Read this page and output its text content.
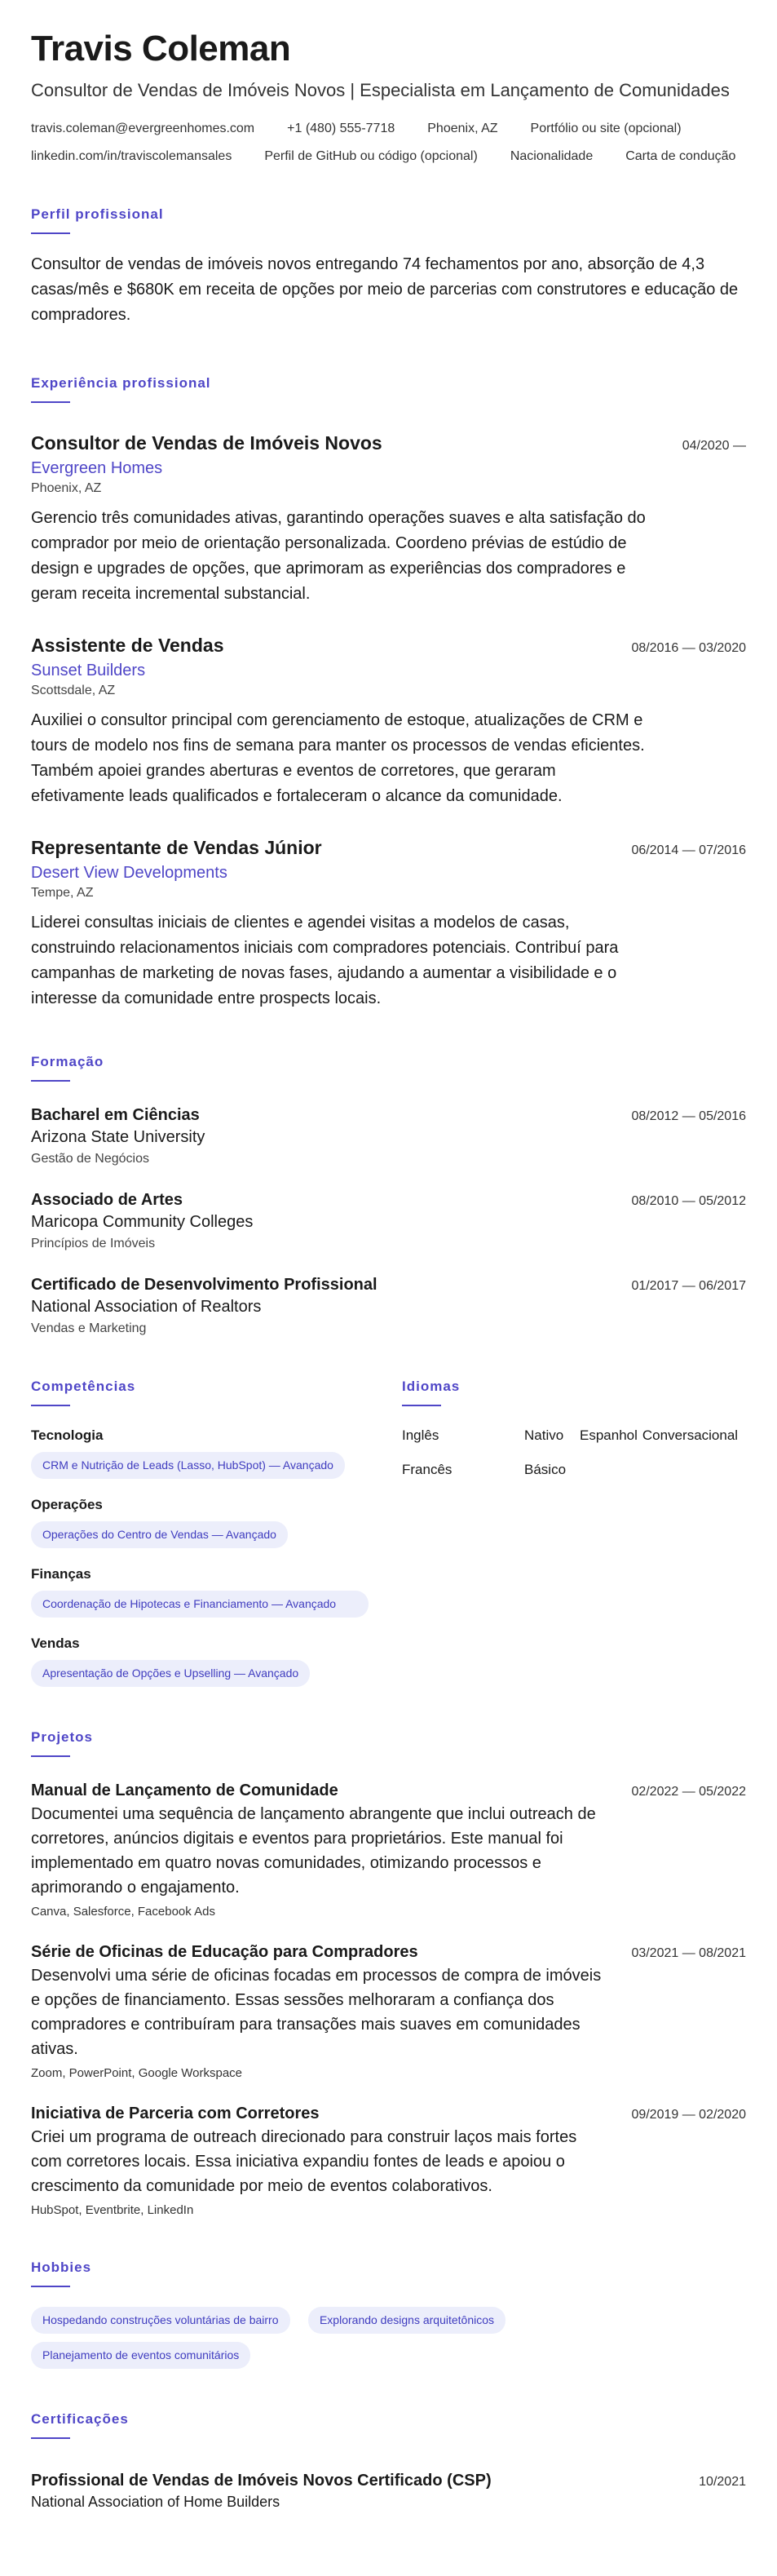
Travis Coleman
Consultor de Vendas de Imóveis Novos | Especialista em Lançamento de Comunidades
travis.coleman@evergreenhomes.com	+1 (480) 555-7718	Phoenix, AZ	Portfólio ou site (opcional)
linkedin.com/in/traviscolemansales	Perfil de GitHub ou código (opcional)	Nacionalidade	Carta de condução
Perfil profissional

Consultor de vendas de imóveis novos entregando 74 fechamentos por ano, absorção de 4,3 casas/mês e $680K em receita de opções por meio de parcerias com construtores e educação de compradores.

Experiência profissional
Consultor de Vendas de Imóveis Novos	04/2020 —
Evergreen Homes
Phoenix, AZ

Gerencio três comunidades ativas, garantindo operações suaves e alta satisfação do comprador por meio de orientação personalizada. Coordeno prévias de estúdio de design e upgrades de opções, que aprimoram as experiências dos compradores e geram receita incremental substancial.

Assistente de Vendas	08/2016 — 03/2020
Sunset Builders
Scottsdale, AZ

Auxiliei o consultor principal com gerenciamento de estoque, atualizações de CRM e tours de modelo nos fins de semana para manter os processos de vendas eficientes. Também apoiei grandes aberturas e eventos de corretores, que geraram efetivamente leads qualificados e fortaleceram o alcance da comunidade.

Representante de Vendas Júnior	06/2014 — 07/2016
Desert View Developments
Tempe, AZ

Liderei consultas iniciais de clientes e agendei visitas a modelos de casas, construindo relacionamentos iniciais com compradores potenciais. Contribuí para campanhas de marketing de novas fases, ajudando a aumentar a visibilidade e o interesse da comunidade entre prospects locais.

Formação
Bacharel em Ciências	08/2012 — 05/2016
Arizona State University
Gestão de Negócios
Associado de Artes	08/2010 — 05/2012
Maricopa Community Colleges
Princípios de Imóveis
Certificado de Desenvolvimento Profissional	01/2017 — 06/2017
National Association of Realtors
Vendas e Marketing
Competências
Tecnologia
CRM e Nutrição de Leads (Lasso, HubSpot) — Avançado
Operações
Operações do Centro de Vendas — Avançado
Finanças
Coordenação de Hipotecas e Financiamento — Avançado
Vendas
Apresentação de Opções e Upselling — Avançado
Idiomas
Inglês	Nativo	Espanhol Conversacional
Francês	Básico
Projetos
Manual de Lançamento de Comunidade	02/2022 — 05/2022

Documentei uma sequência de lançamento abrangente que inclui outreach de corretores, anúncios digitais e eventos para proprietários. Este manual foi implementado em quatro novas comunidades, otimizando processos e aprimorando o engajamento.

Canva, Salesforce, Facebook Ads
Série de Oficinas de Educação para Compradores	03/2021 — 08/2021

Desenvolvi uma série de oficinas focadas em processos de compra de imóveis e opções de financiamento. Essas sessões melhoraram a confiança dos compradores e contribuíram para transações mais suaves em comunidades ativas.

Zoom, PowerPoint, Google Workspace
Iniciativa de Parceria com Corretores	09/2019 — 02/2020

Criei um programa de outreach direcionado para construir laços mais fortes com corretores locais. Essa iniciativa expandiu fontes de leads e apoiou o crescimento da comunidade por meio de eventos colaborativos.

HubSpot, Eventbrite, LinkedIn
Hobbies
Hospedando construções voluntárias de bairro	Explorando designs arquitetônicos
Planejamento de eventos comunitários
Certificações
Profissional de Vendas de Imóveis Novos Certificado (CSP)	10/2021
National Association of Home Builders
